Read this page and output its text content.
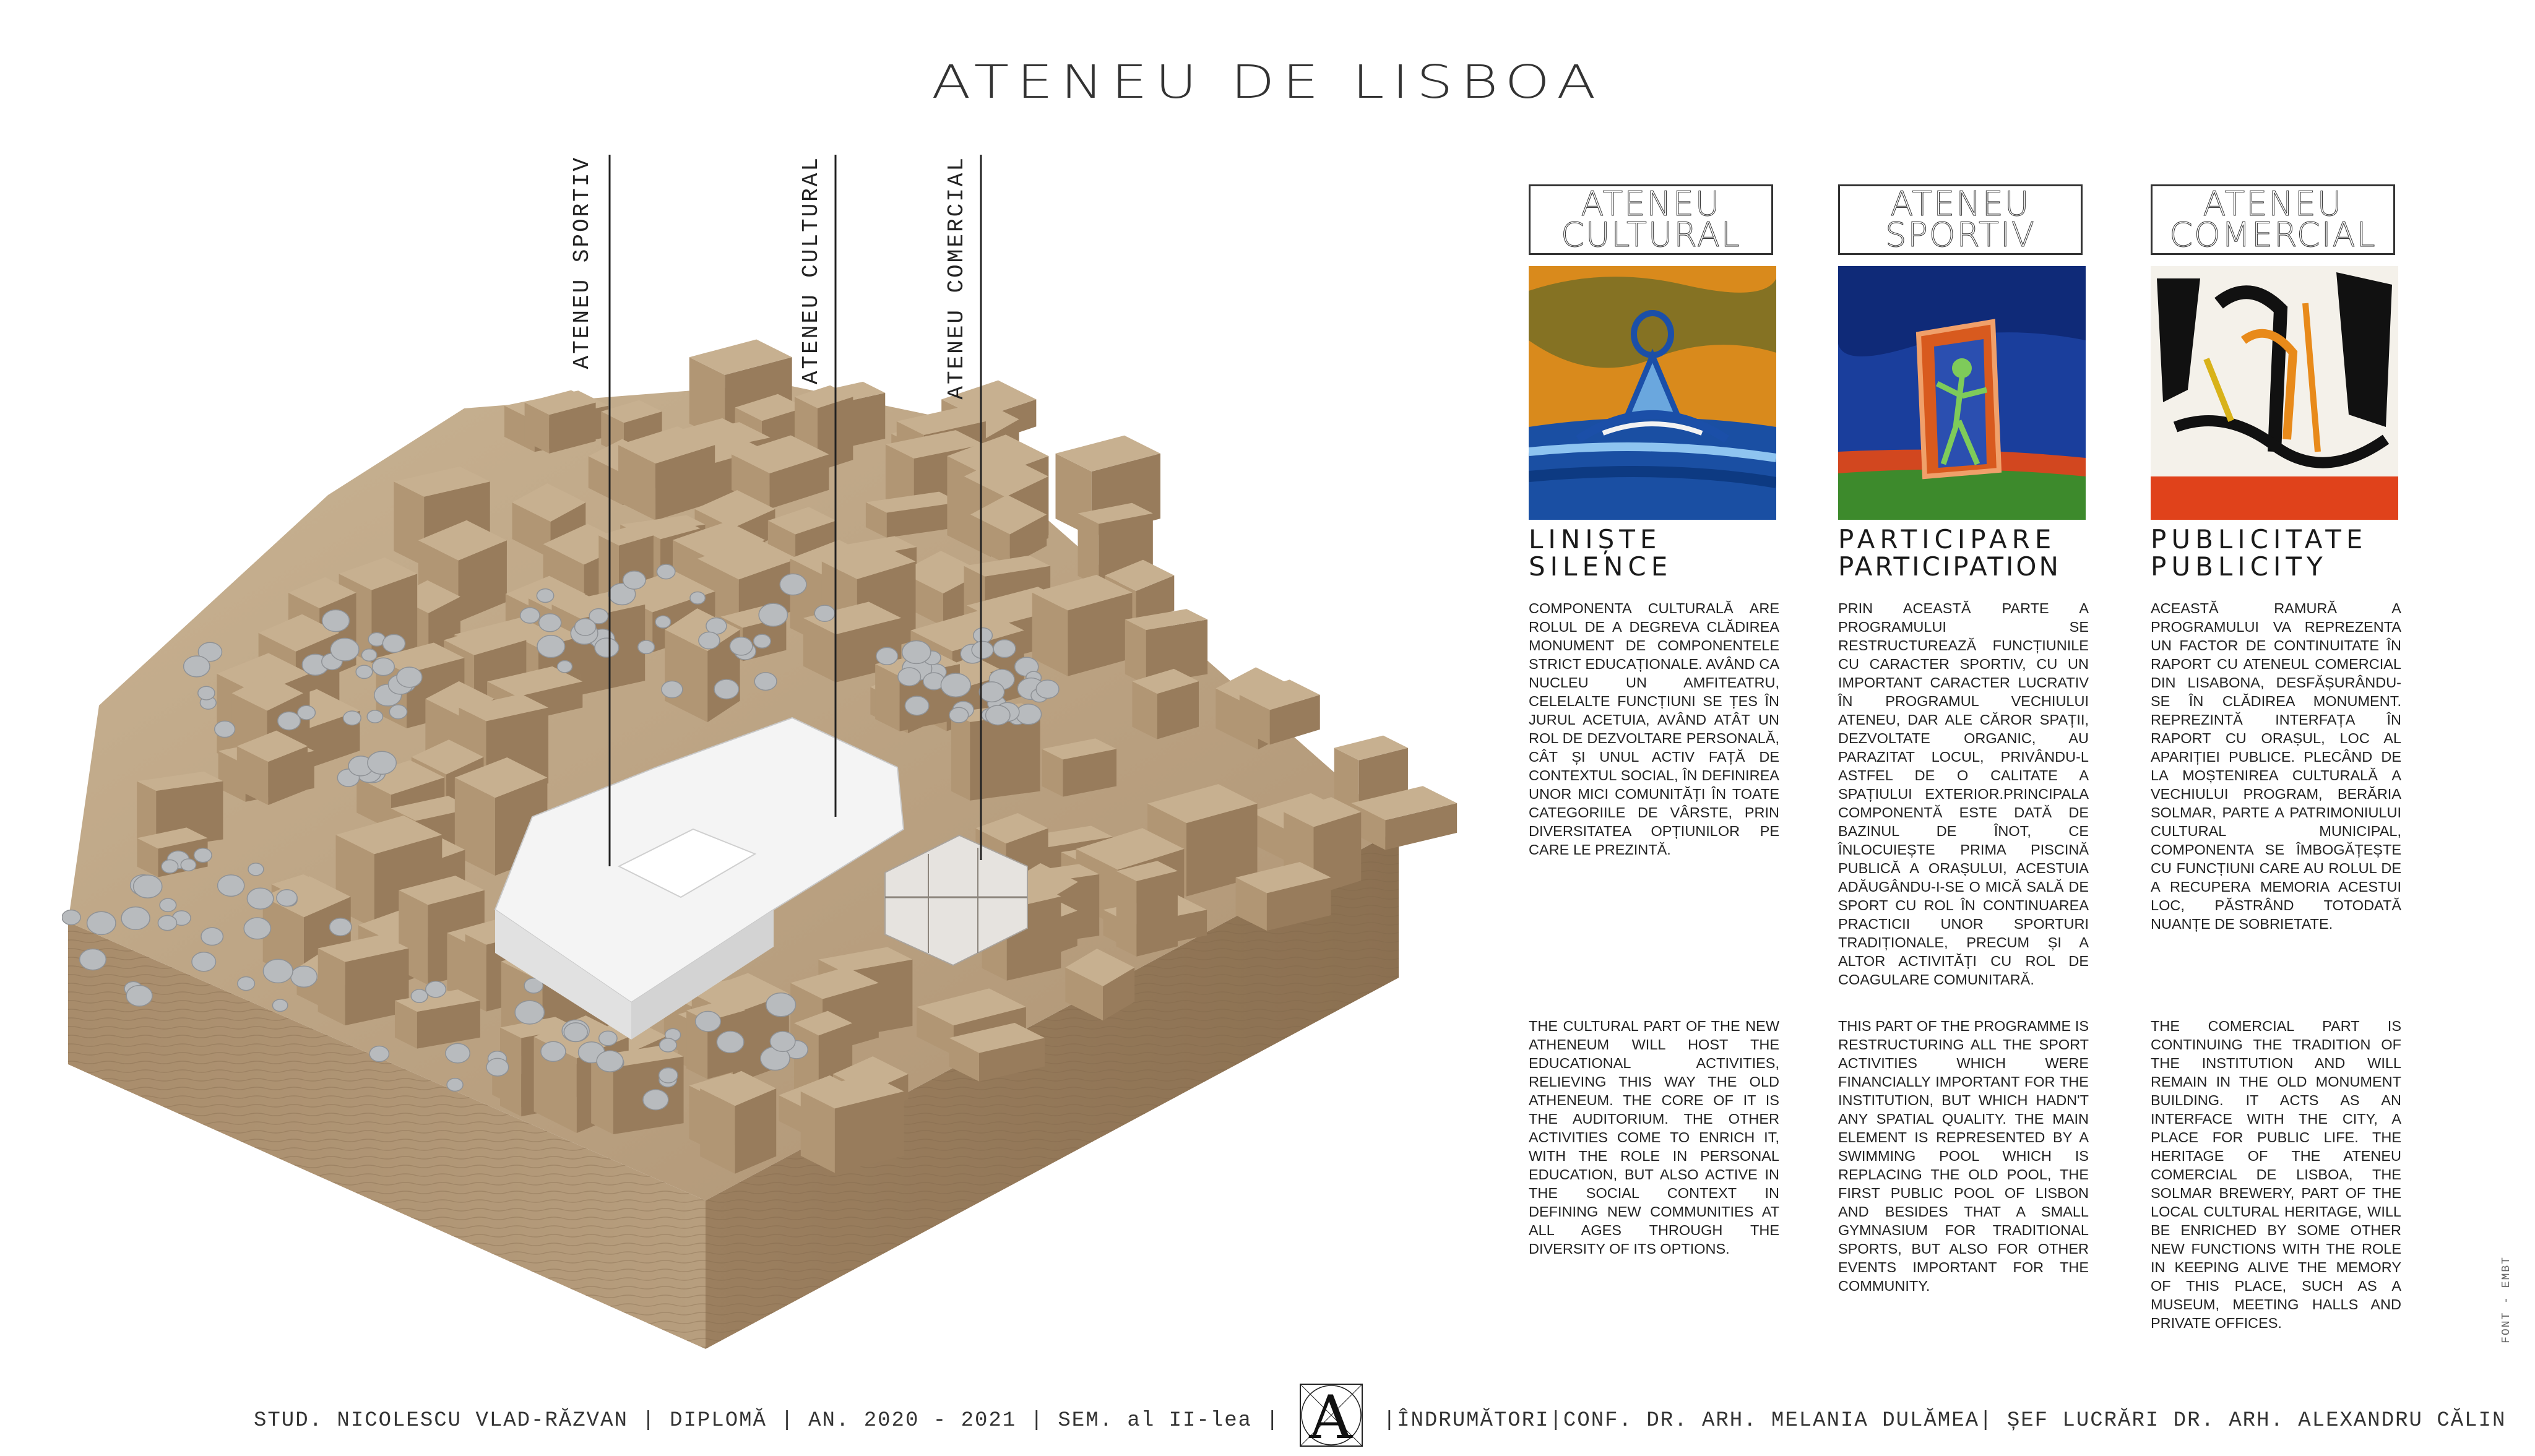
ATENEU DE LISBOA
ATENEU SPORTIV	ATENEU CULTURAL	ATENEU COMERCIAL	ATENEU
CULTURAL
LINIȘTE
SILENCE

COMPONENTA CULTURALĂ ARE ROLUL DE A DEGREVA CLĂDIREA MONUMENT DE COMPONENTELE STRICT EDUCAȚIONALE. AVÂND CA NUCLEU UN AMFITEATRU, CELELALTE FUNCȚIUNI SE ȚES ÎN JURUL ACETUIA, AVÂND ATÂT UN ROL DE DEZVOLTARE PERSONALĂ, CÂT ȘI UNUL ACTIV FAȚĂ DE CONTEXTUL SOCIAL, ÎN DEFINIREA UNOR MICI COMUNITĂȚI ÎN TOATE CATEGORIILE DE VÂRSTE, PRIN DIVERSITATEA OPȚIUNILOR PE CARE LE PREZINTĂ.

THE CULTURAL PART OF THE NEW ATHENEUM WILL HOST THE EDUCATIONAL ACTIVITIES, RELIEVING THIS WAY THE OLD ATHENEUM. THE CORE OF IT IS THE AUDITORIUM. THE OTHER ACTIVITIES COME TO ENRICH IT, WITH THE ROLE IN PERSONAL EDUCATION, BUT ALSO ACTIVE IN THE SOCIAL CONTEXT IN DEFINING NEW COMMUNITIES AT ALL AGES THROUGH THE DIVERSITY OF ITS OPTIONS.

ATENEU
SPORTIV
PARTICIPARE
PARTICIPATION

PRIN ACEASTĂ PARTE A PROGRAMULUI SE RESTRUCTUREAZĂ FUNCȚIUNILE CU CARACTER SPORTIV, CU UN IMPORTANT CARACTER LUCRATIV ÎN PROGRAMUL VECHIULUI ATENEU, DAR ALE CĂROR SPAȚII, DEZVOLTATE ORGANIC, AU PARAZITAT LOCUL, PRIVÂNDU-L ASTFEL DE O CALITATE A SPAȚIULUI EXTERIOR.PRINCIPALA COMPONENTĂ ESTE DATĂ DE BAZINUL DE ÎNOT, CE ÎNLOCUIEȘTE PRIMA PISCINĂ PUBLICĂ A ORAȘULUI, ACESTUIA ADĂUGÂNDU-I-SE O MICĂ SALĂ DE SPORT CU ROL ÎN CONTINUAREA PRACTICII UNOR SPORTURI TRADIȚIONALE, PRECUM ȘI A ALTOR ACTIVITĂȚI CU ROL DE COAGULARE COMUNITARĂ.

THIS PART OF THE PROGRAMME IS RESTRUCTURING ALL THE SPORT ACTIVITIES WHICH WERE FINANCIALLY IMPORTANT FOR THE INSTITUTION, BUT WHICH HADN'T ANY SPATIAL QUALITY. THE MAIN ELEMENT IS REPRESENTED BY A SWIMMING POOL WHICH IS REPLACING THE OLD POOL, THE FIRST PUBLIC POOL OF LISBON AND BESIDES THAT A SMALL GYMNASIUM FOR TRADITIONAL SPORTS, BUT ALSO FOR OTHER EVENTS IMPORTANT FOR THE COMMUNITY.

ATENEU
COMERCIAL
PUBLICITATE
PUBLICITY

ACEASTĂ RAMURĂ A PROGRAMULUI VA REPREZENTA UN FACTOR DE CONTINUITATE ÎN RAPORT CU ATENEUL COMERCIAL DIN LISABONA, DESFĂȘURÂNDU-SE ÎN CLĂDIREA MONUMENT. REPREZINTĂ INTERFAȚA ÎN RAPORT CU ORAȘUL, LOC AL APARIȚIEI PUBLICE. PLECÂND DE LA MOȘTENIREA CULTURALĂ A VECHIULUI PROGRAM, BERĂRIA SOLMAR, PARTE A PATRIMONIULUI CULTURAL MUNICIPAL, COMPONENTA SE ÎMBOGĂȚEȘTE CU FUNCȚIUNI CARE AU ROLUL DE A RECUPERA MEMORIA ACESTUI LOC, PĂSTRÂND TOTODATĂ NUANȚE DE SOBRIETATE.

THE COMERCIAL PART IS CONTINUING THE TRADITION OF THE INSTITUTION AND WILL REMAIN IN THE OLD MONUMENT BUILDING. IT ACTS AS AN INTERFACE WITH THE CITY, A PLACE FOR PUBLIC LIFE. THE HERITAGE OF THE ATENEU COMERCIAL DE LISBOA, THE SOLMAR BREWERY, PART OF THE LOCAL CULTURAL HERITAGE, WILL BE ENRICHED BY SOME OTHER NEW FUNCTIONS WITH THE ROLE IN KEEPING ALIVE THE MEMORY OF THIS PLACE, SUCH AS A MUSEUM, MEETING HALLS AND PRIVATE OFFICES.

STUD. NICOLESCU VLAD-RĂZVAN | DIPLOMĂ | AN. 2020 - 2021 | SEM. al II-lea | A |ÎNDRUMĂTORI|CONF. DR. ARH. MELANIA DULĂMEA| ȘEF LUCRĂRI DR. ARH. ALEXANDRU CĂLIN
FONT - EMBT
